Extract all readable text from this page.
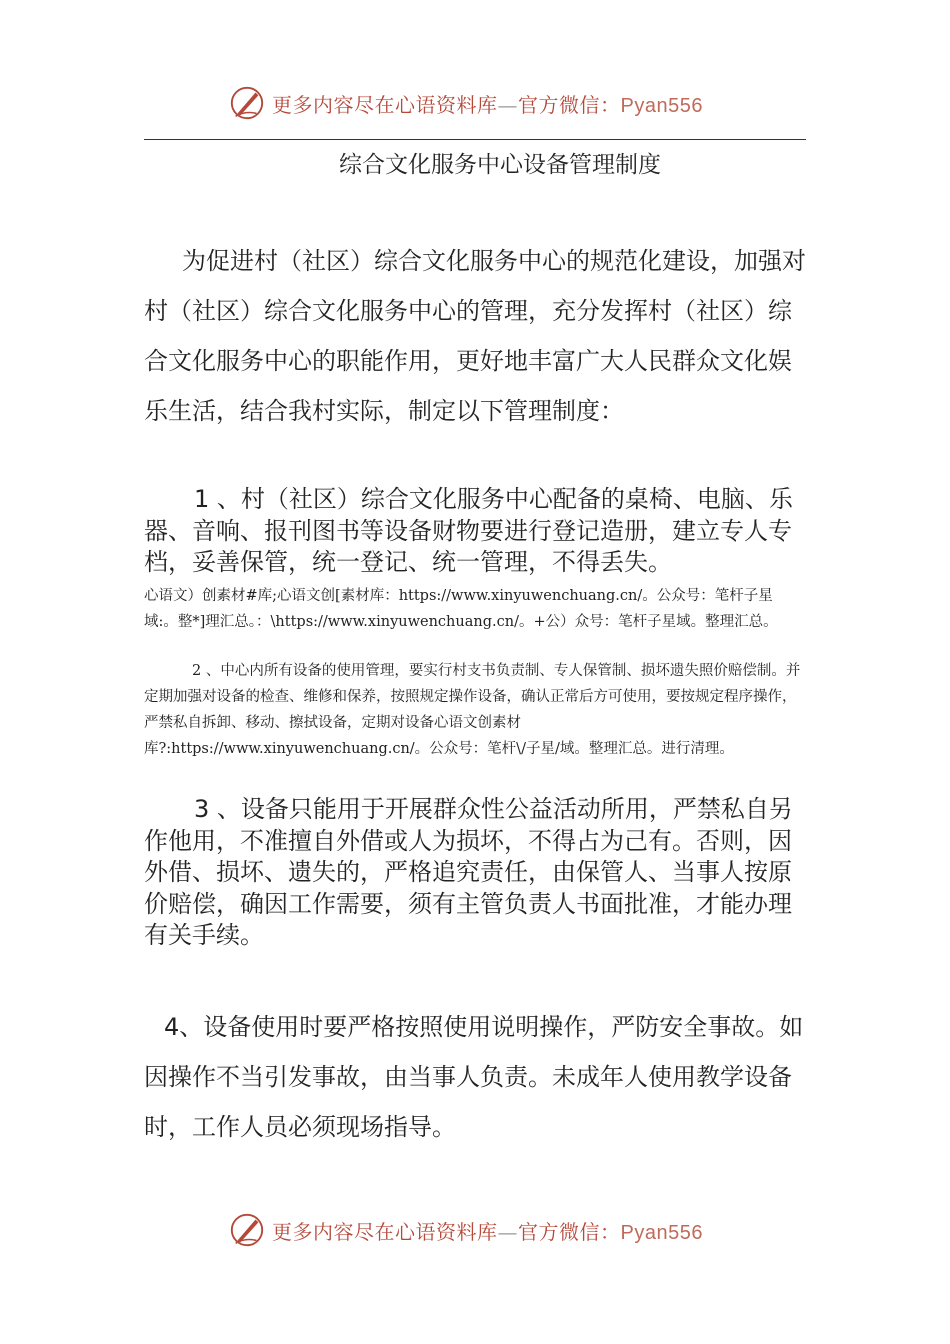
更多内容尽在心语资料库—官方微信：Pyan556
综合文化服务中心设备管理制度
为促进村（社区）综合文化服务中心的规范化建设，加强对村（社区）综合文化服务中心的管理，充分发挥村（社区）综合文化服务中心的职能作用，更好地丰富广大人民群众文化娱乐生活，结合我村实际，制定以下管理制度：
1 、村（社区）综合文化服务中心配备的桌椅、电脑、乐器、音响、报刊图书等设备财物要进行登记造册，建立专人专档，妥善保管，统一登记、统一管理，不得丢失。
心语文）创素材#库;心语文创[素材库：https://www.xinyuwenchuang.cn/。公众号：笔杆子星域:。整*]理汇总。：\https://www.xinyuwenchuang.cn/。+公）众号：笔杆子星域。整理汇总。
2 、中心内所有设备的使用管理，要实行村支书负责制、专人保管制、损坏遗失照价赔偿制。并定期加强对设备的检查、维修和保养，按照规定操作设备，确认正常后方可使用，要按规定程序操作，严禁私自拆卸、移动、擦拭设备，定期对设备心语文创素材库?:https://www.xinyuwenchuang.cn/。公众号：笔杆\/子星/域。整理汇总。进行清理。
3 、设备只能用于开展群众性公益活动所用，严禁私自另作他用，不准擅自外借或人为损坏，不得占为己有。否则，因外借、损坏、遗失的，严格追究责任，由保管人、当事人按原价赔偿，确因工作需要，须有主管负责人书面批准，才能办理有关手续。
4、设备使用时要严格按照使用说明操作，严防安全事故。如因操作不当引发事故，由当事人负责。未成年人使用教学设备时，工作人员必须现场指导。
更多内容尽在心语资料库—官方微信：Pyan556
